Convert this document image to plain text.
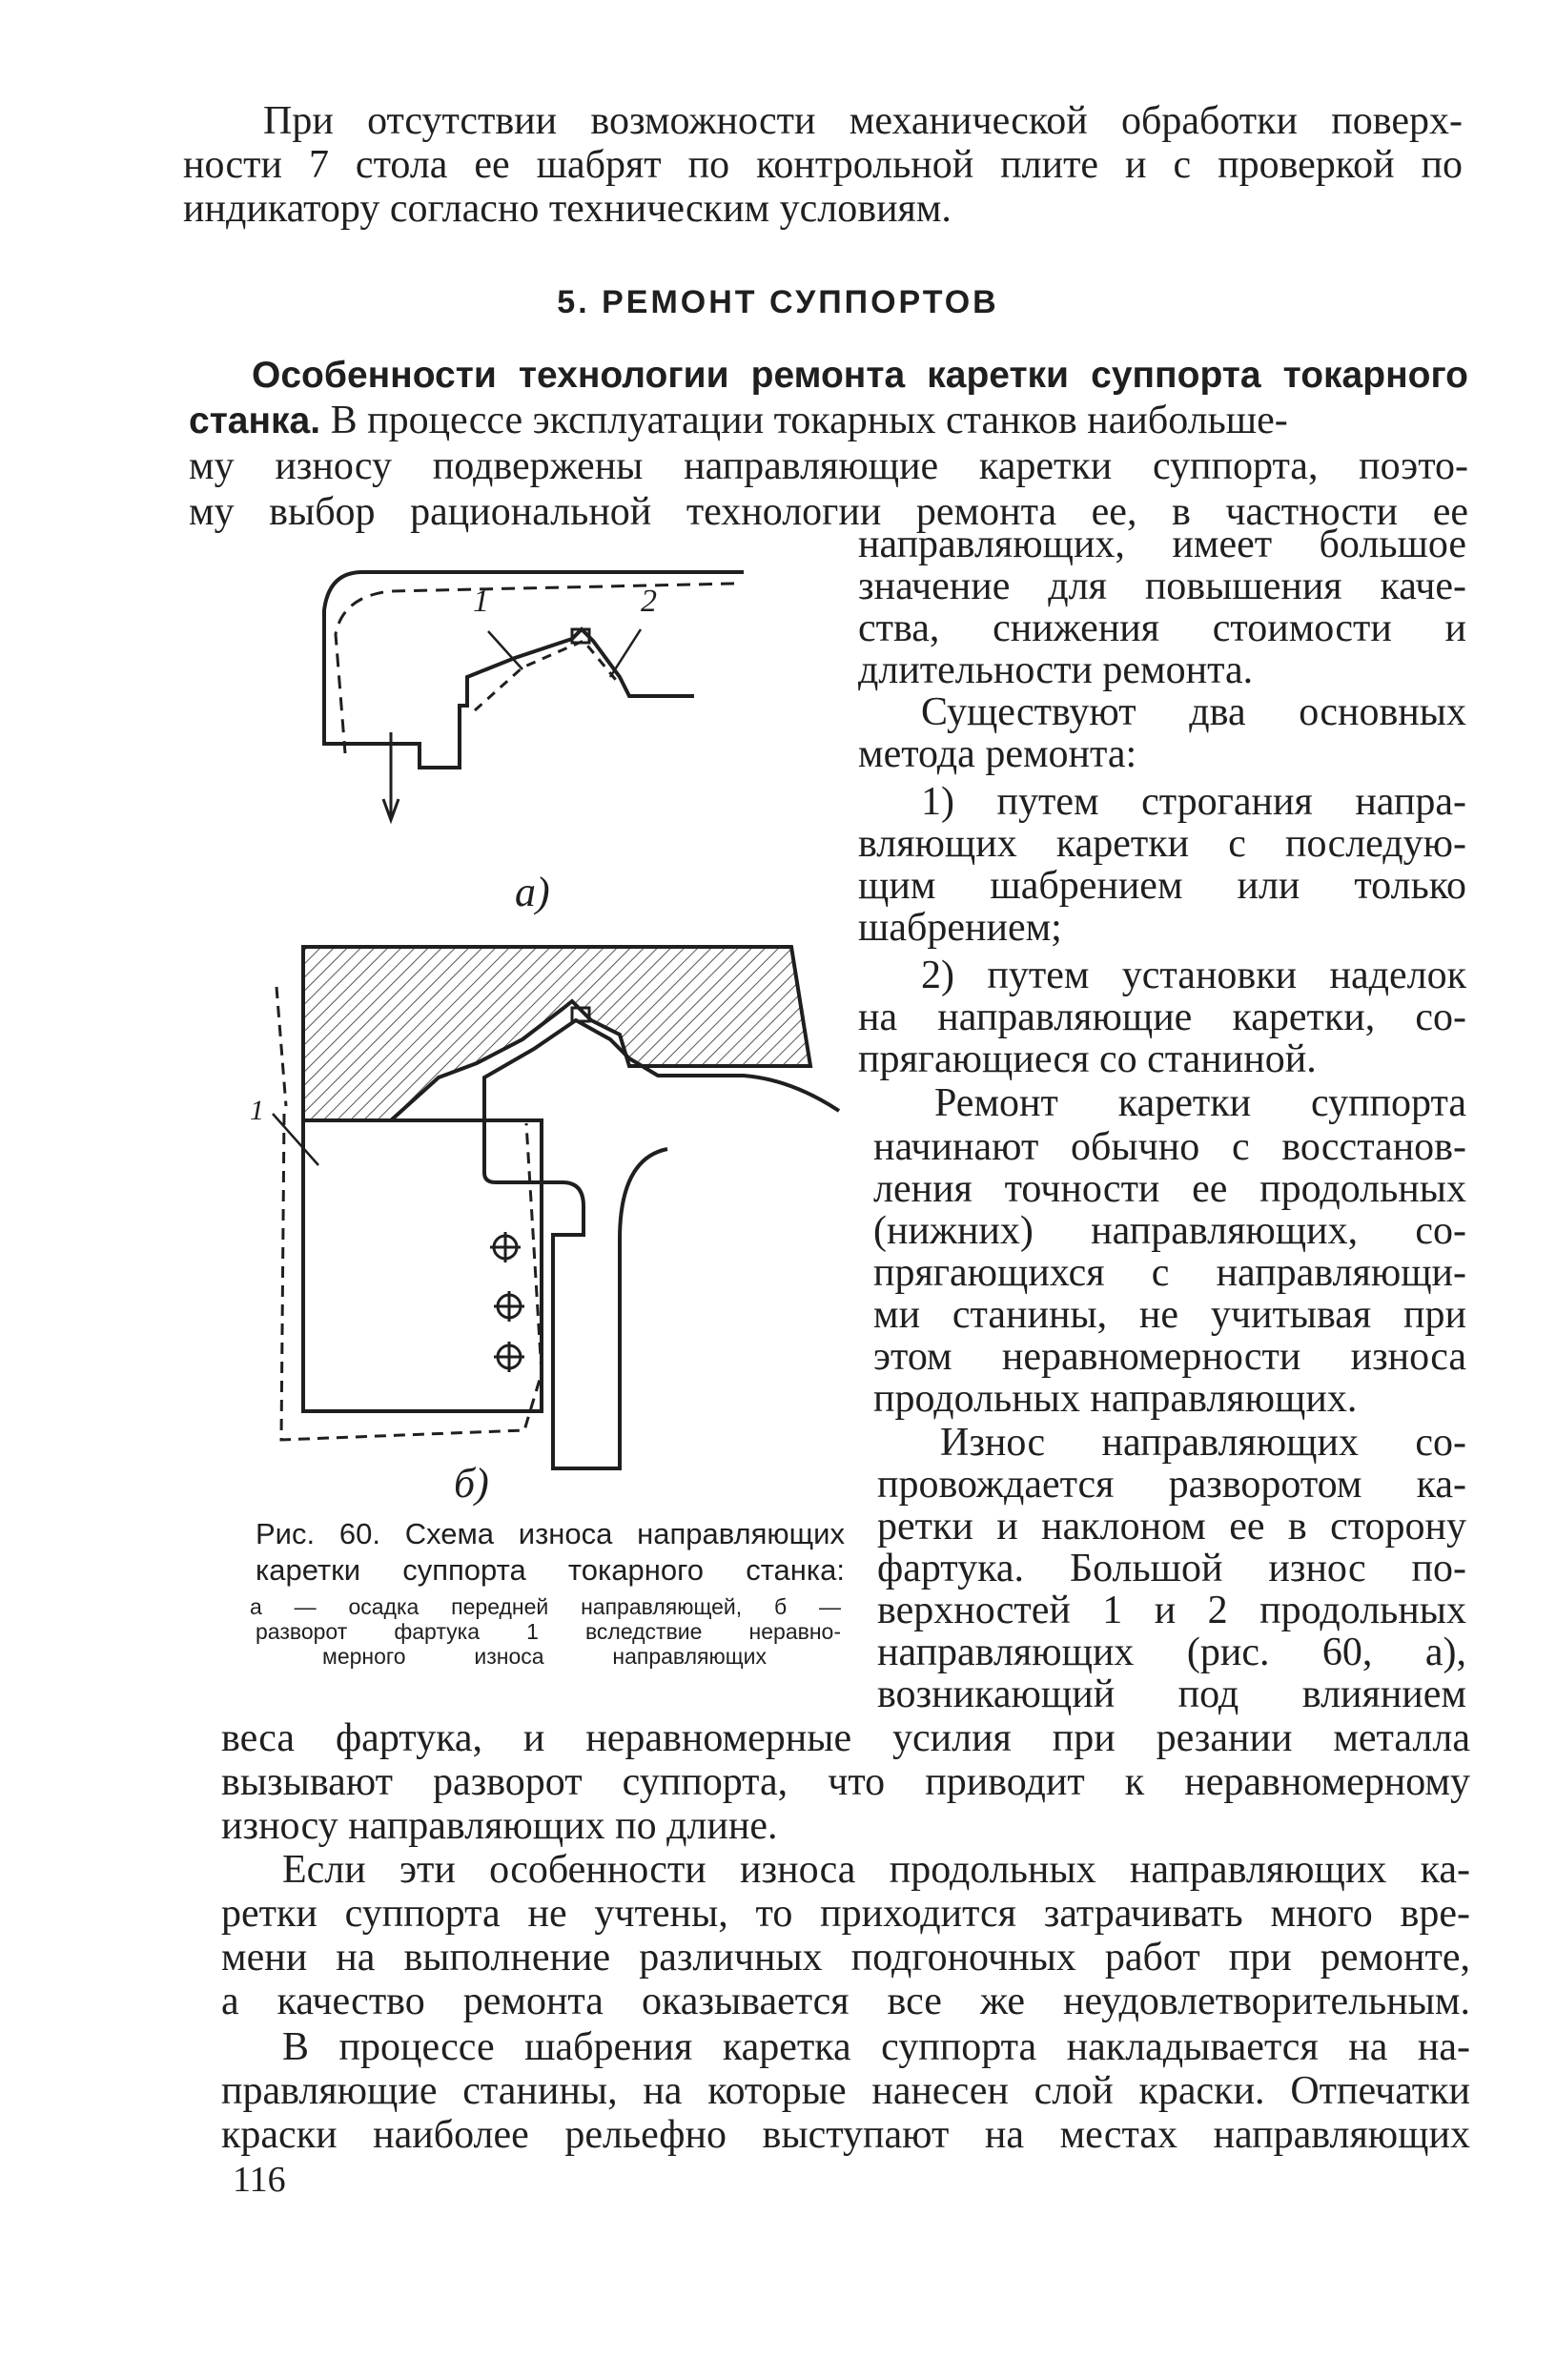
При отсутствии возможности механической обработки поверх-
ности 7 стола ее шабрят по контрольной плите и с проверкой по
индикатору согласно техническим условиям.
5. РЕМОНТ СУППОРТОВ
Особенности технологии ремонта каретки суппорта токарного
станка. В процессе эксплуатации токарных станков наибольше-
му износу подвержены направляющие каретки суппорта, поэто-
му выбор рациональной технологии ремонта ее, в частности ее
направляющих, имеет большое
значение для повышения каче-
ства, снижения стоимости и
длительности ремонта.
Существуют два основных
метода ремонта:
1) путем строгания напра-
вляющих каретки с последую-
щим шабрением или только
шабрением;
2) путем установки наделок
на направляющие каретки, со-
прягающиеся со станиной.
Ремонт каретки суппорта
начинают обычно с восстанов-
ления точности ее продольных
(нижних) направляющих, со-
прягающихся с направляющи-
ми станины, не учитывая при
этом неравномерности износа
продольных направляющих.
Износ направляющих со-
провождается разворотом ка-
ретки и наклоном ее в сторону
фартука. Большой износ по-
верхностей 1 и 2 продольных
направляющих (рис. 60, а),
возникающий под влиянием
1	2
а)
1
б)
Рис. 60. Схема износа направляющих
каретки суппорта токарного станка:
а — осадка передней направляющей, б —
разворот фартука 1 вследствие неравно-
мерного износа направляющих
веса фартука, и неравномерные усилия при резании металла
вызывают разворот суппорта, что приводит к неравномерному
износу направляющих по длине.
Если эти особенности износа продольных направляющих ка-
ретки суппорта не учтены, то приходится затрачивать много вре-
мени на выполнение различных подгоночных работ при ремонте,
а качество ремонта оказывается все же неудовлетворительным.
В процессе шабрения каретка суппорта накладывается на на-
правляющие станины, на которые нанесен слой краски. Отпечатки
краски наиболее рельефно выступают на местах направляющих
116
